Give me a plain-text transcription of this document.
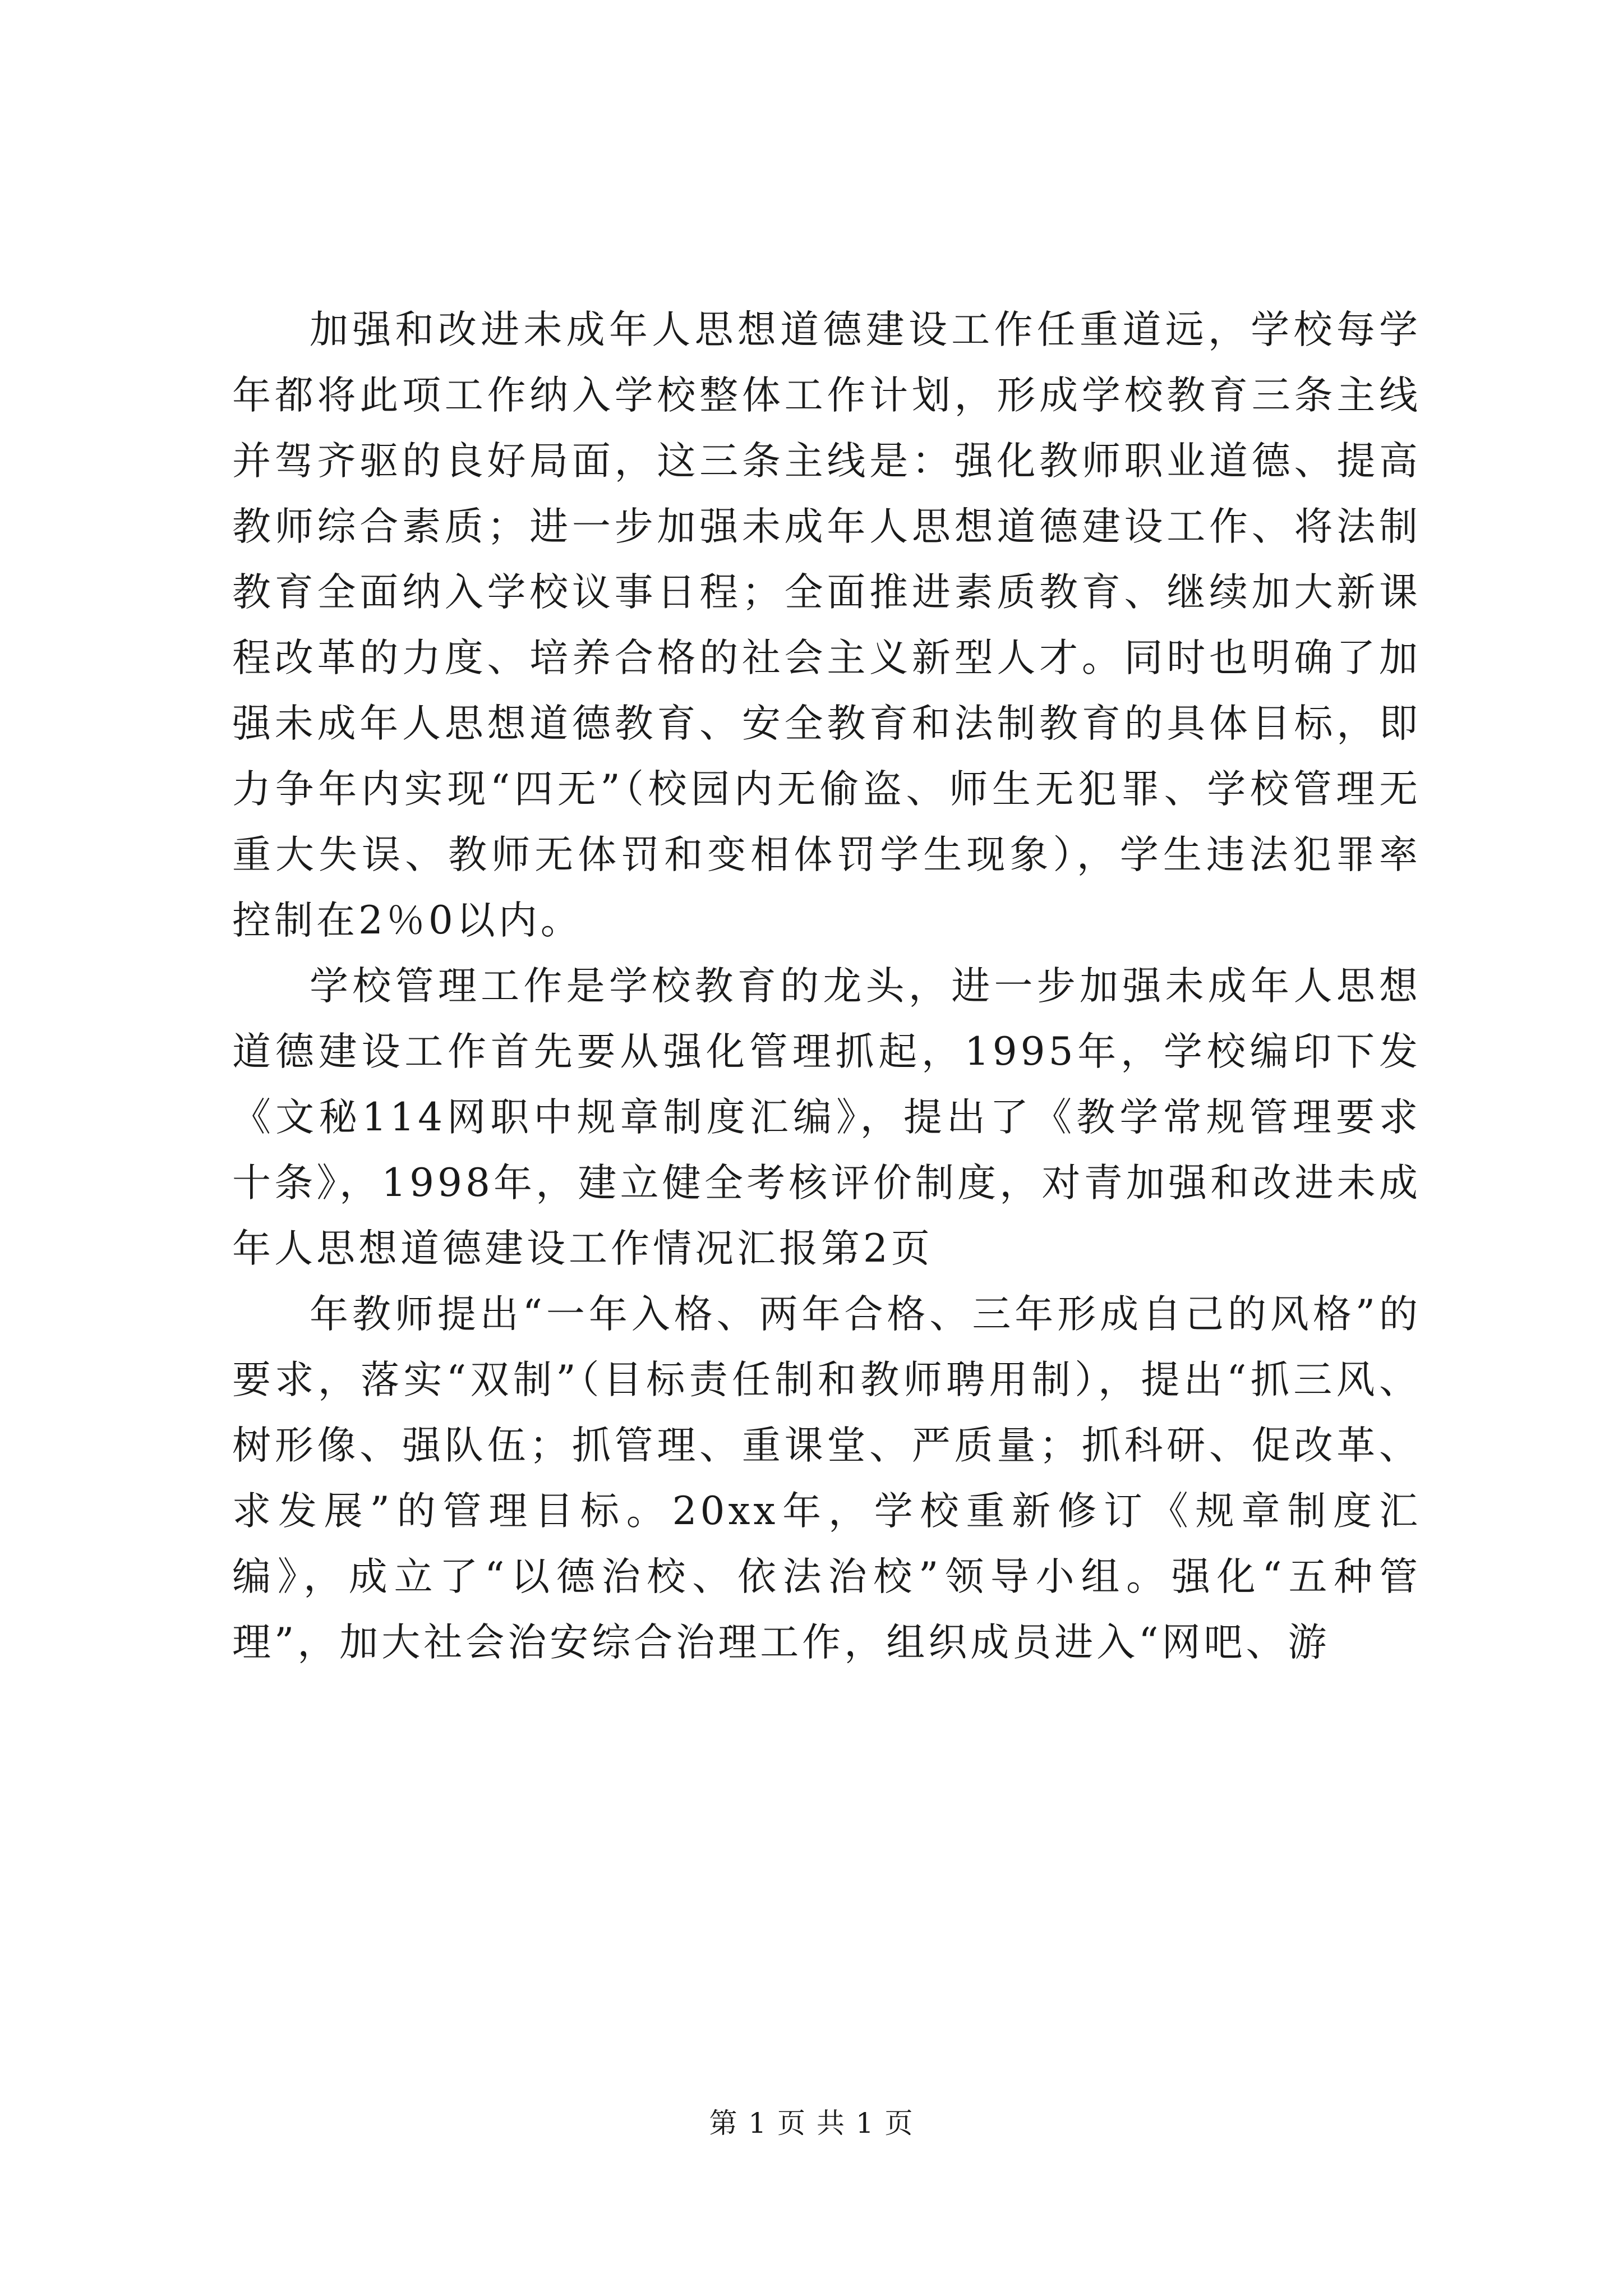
加强和改进未成年人思想道德建设工作任重道远，学校每学年都将此项工作纳入学校整体工作计划，形成学校教育三条主线并驾齐驱的良好局面，这三条主线是：强化教师职业道德、提高教师综合素质；进一步加强未成年人思想道德建设工作、将法制教育全面纳入学校议事日程；全面推进素质教育、继续加大新课程改革的力度、培养合格的社会主义新型人才。同时也明确了加强未成年人思想道德教育、安全教育和法制教育的具体目标，即力争年内实现“四无”（校园内无偷盗、师生无犯罪、学校管理无重大失误、教师无体罚和变相体罚学生现象），学生违法犯罪率控制在2％0以内。

学校管理工作是学校教育的龙头，进一步加强未成年人思想道德建设工作首先要从强化管理抓起，1995年，学校编印下发《文秘114网职中规章制度汇编》，提出了《教学常规管理要求十条》，1998年，建立健全考核评价制度，对青加强和改进未成年人思想道德建设工作情况汇报第2页

年教师提出“一年入格、两年合格、三年形成自己的风格”的要求，落实“双制”（目标责任制和教师聘用制），提出“抓三风、树形像、强队伍；抓管理、重课堂、严质量；抓科研、促改革、求发展”的管理目标。20xx年，学校重新修订《规章制度汇编》，成立了“以德治校、依法治校”领导小组。强化“五种管理”，加大社会治安综合治理工作，组织成员进入“网吧、游

第 1 页 共 1 页
